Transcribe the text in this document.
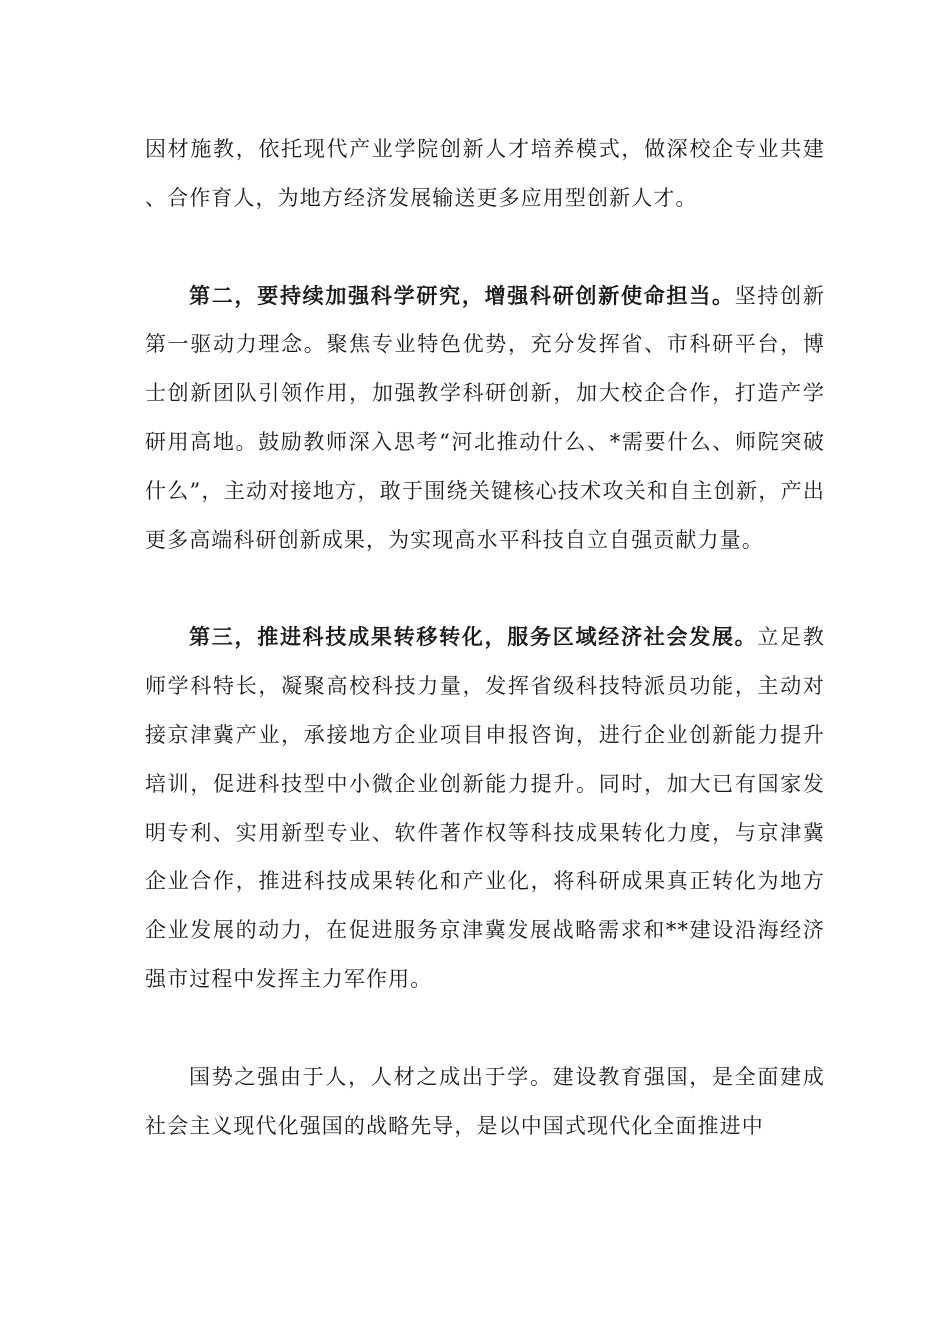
因材施教，依托现代产业学院创新人才培养模式，做深校企专业共建、合作育人，为地方经济发展输送更多应用型创新人才。

第二，要持续加强科学研究，增强科研创新使命担当。坚持创新第一驱动力理念。聚焦专业特色优势，充分发挥省、市科研平台，博士创新团队引领作用，加强教学科研创新，加大校企合作，打造产学研用高地。鼓励教师深入思考“河北推动什么、*需要什么、师院突破什么”，主动对接地方，敢于围绕关键核心技术攻关和自主创新，产出更多高端科研创新成果，为实现高水平科技自立自强贡献力量。

第三，推进科技成果转移转化，服务区域经济社会发展。立足教师学科特长，凝聚高校科技力量，发挥省级科技特派员功能，主动对接京津冀产业，承接地方企业项目申报咨询，进行企业创新能力提升培训，促进科技型中小微企业创新能力提升。同时，加大已有国家发明专利、实用新型专业、软件著作权等科技成果转化力度，与京津冀企业合作，推进科技成果转化和产业化，将科研成果真正转化为地方企业发展的动力，在促进服务京津冀发展战略需求和**建设沿海经济强市过程中发挥主力军作用。

国势之强由于人，人材之成出于学。建设教育强国，是全面建成社会主义现代化强国的战略先导，是以中国式现代化全面推进中
